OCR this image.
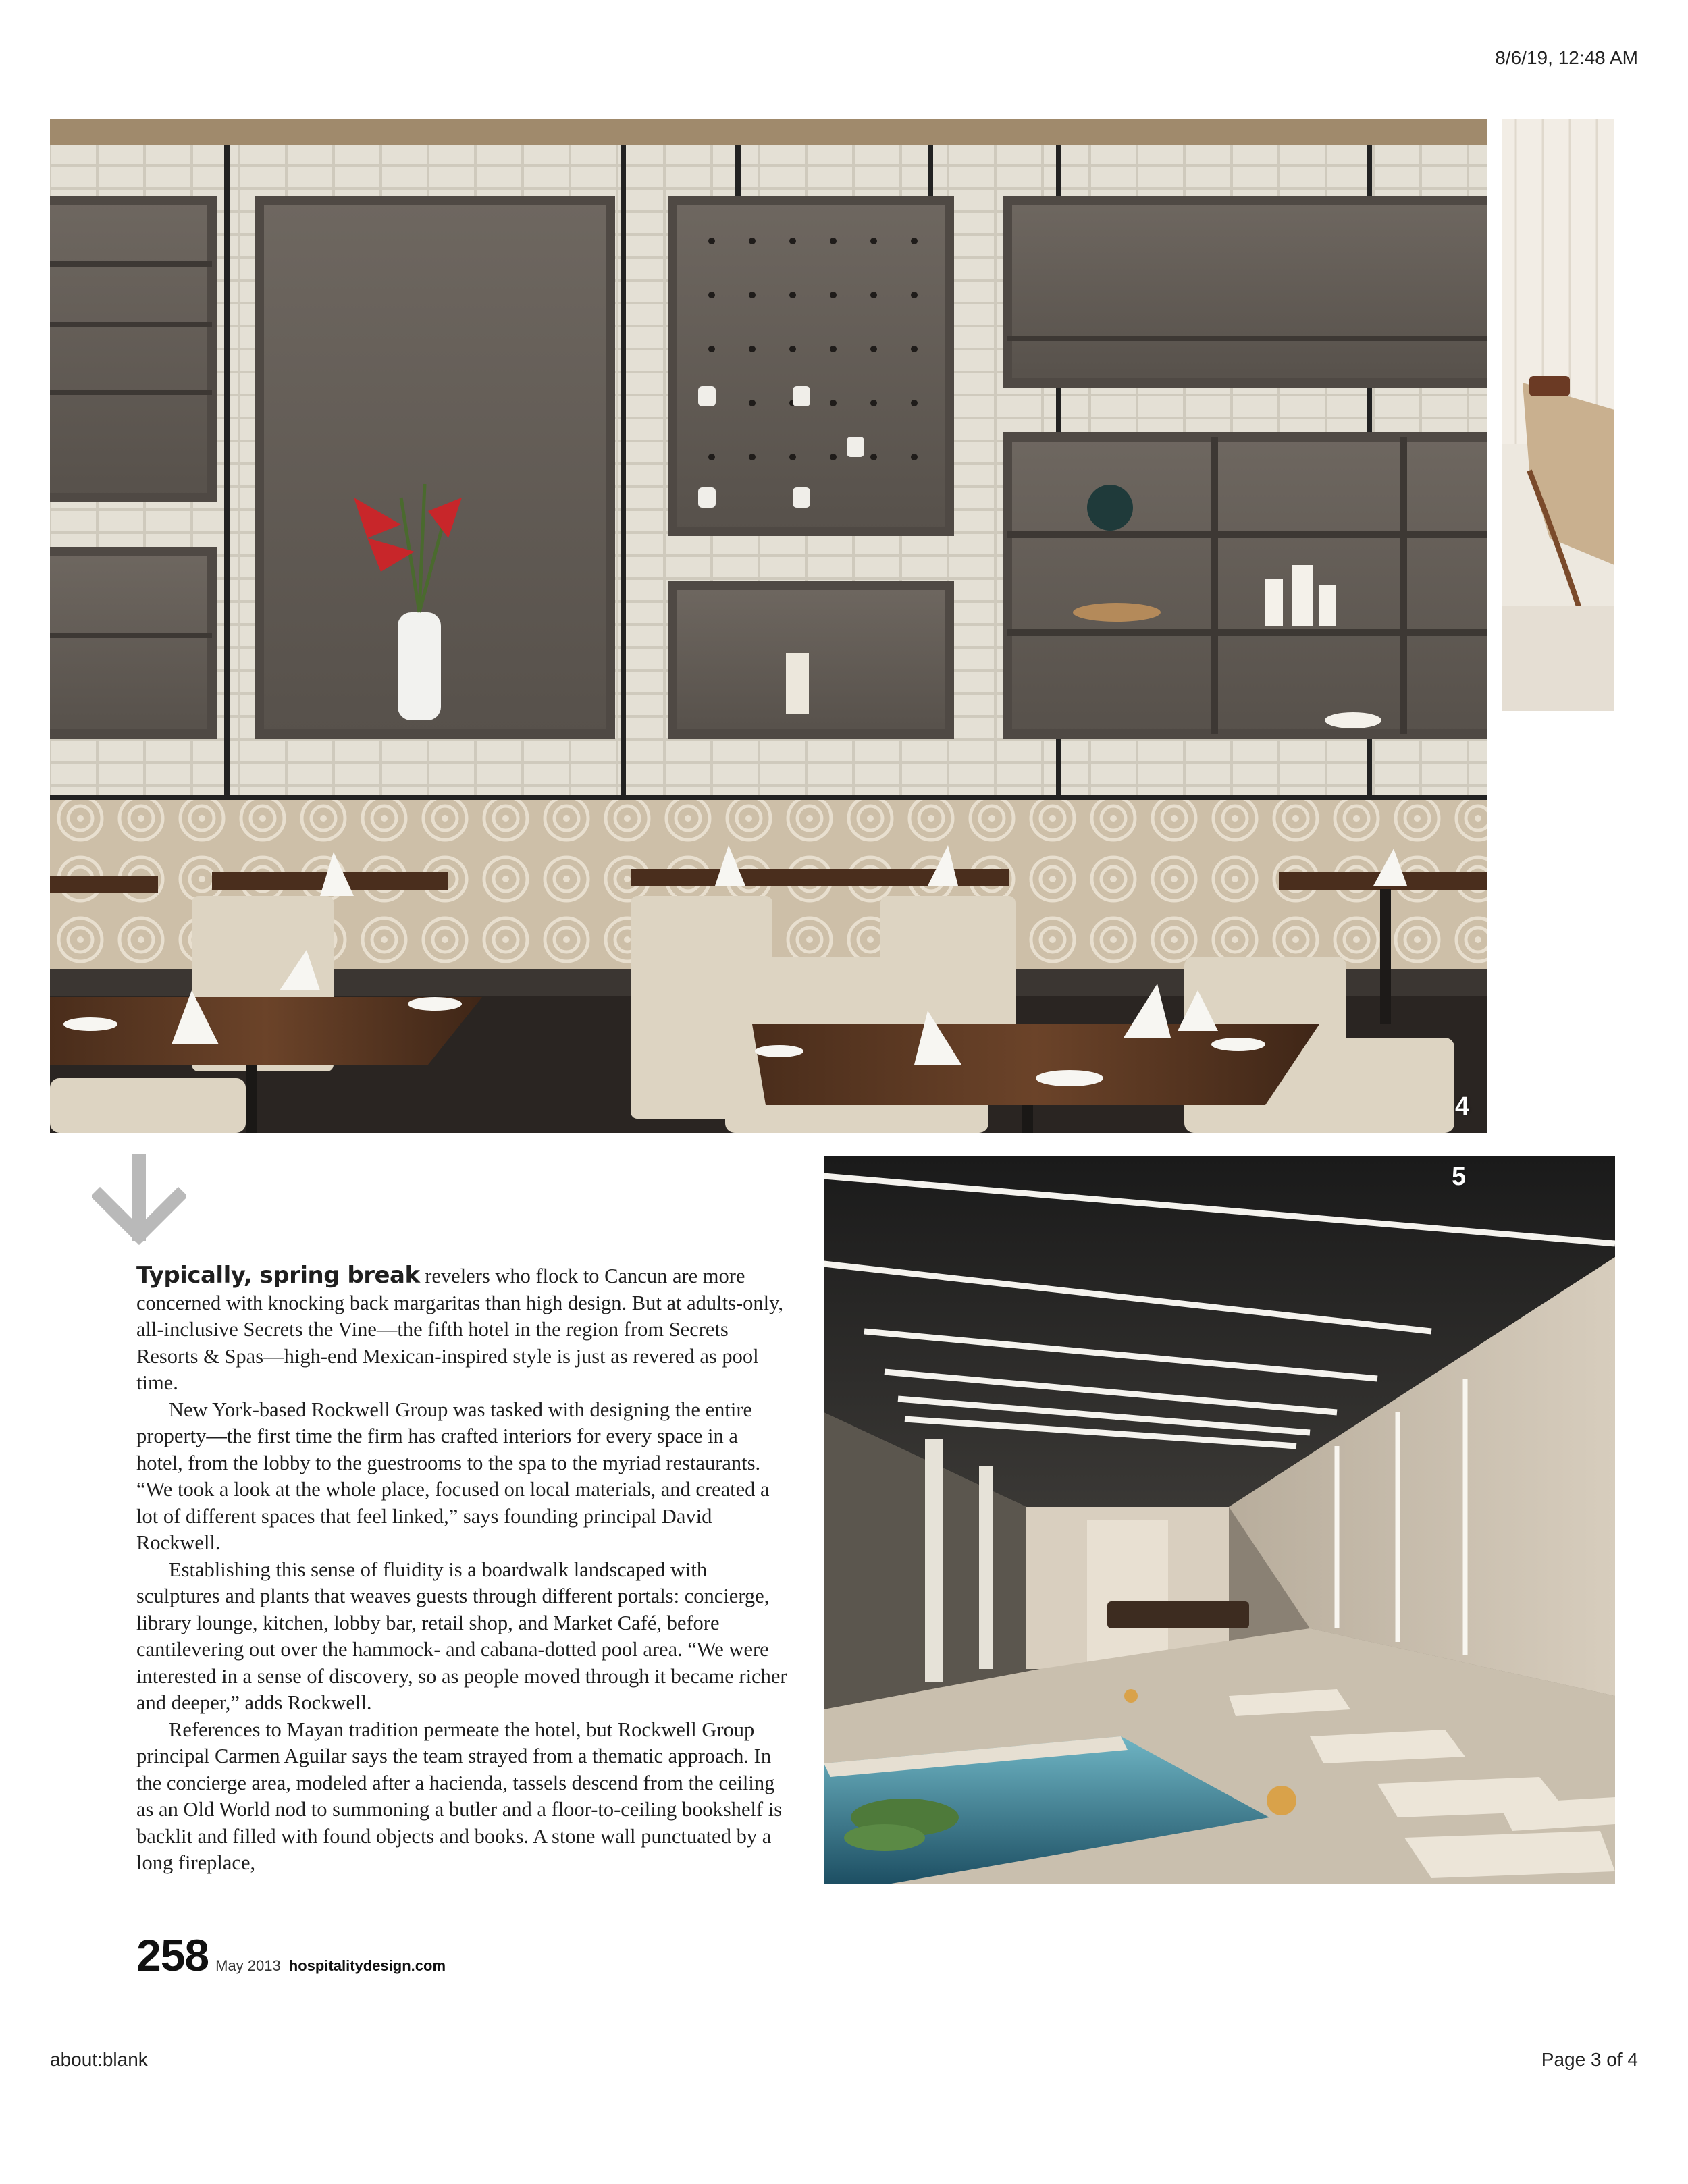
8/6/19, 12:48 AM
4
5

Typically, spring break revelers who flock to Cancun are more concerned with knocking back margaritas than high design. But at adults-only, all-inclusive Secrets the Vine—the fifth hotel in the region from Secrets Resorts & Spas—high-end Mexican-inspired style is just as revered as pool time.

New York-based Rockwell Group was tasked with designing the entire property—the first time the firm has crafted interiors for every space in a hotel, from the lobby to the guestrooms to the spa to the myriad restaurants. “We took a look at the whole place, focused on local materials, and created a lot of different spaces that feel linked,” says founding principal David Rockwell.

Establishing this sense of fluidity is a boardwalk landscaped with sculptures and plants that weaves guests through different portals: concierge, library lounge, kitchen, lobby bar, retail shop, and Market Café, before cantilevering out over the hammock- and cabana-dotted pool area. “We were interested in a sense of discovery, so as people moved through it became richer and deeper,” adds Rockwell.

References to Mayan tradition permeate the hotel, but Rockwell Group principal Carmen Aguilar says the team strayed from a thematic approach. In the concierge area, modeled after a hacienda, tassels descend from the ceiling as an Old World nod to summoning a butler and a floor-to-ceiling bookshelf is backlit and filled with found objects and books. A stone wall punctuated by a long fireplace,

258 May 2013 hospitalitydesign.com
about:blank	Page 3 of 4
